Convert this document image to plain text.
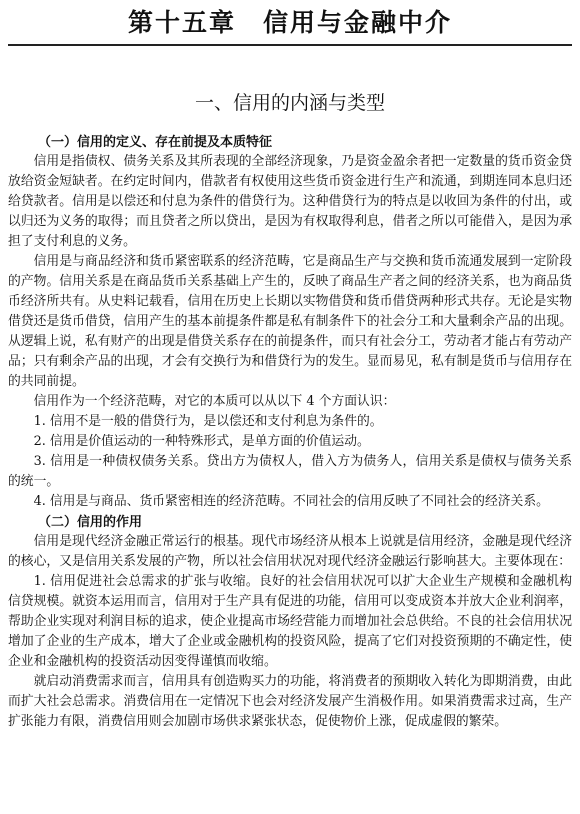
第十五章　信用与金融中介
一、信用的内涵与类型
（一）信用的定义、存在前提及本质特征

信用是指债权、债务关系及其所表现的全部经济现象，乃是资金盈余者把一定数量的货币资金贷放给资金短缺者。在约定时间内，借款者有权使用这些货币资金进行生产和流通，到期连同本息归还给贷款者。信用是以偿还和付息为条件的借贷行为。这种借贷行为的特点是以收回为条件的付出，或以归还为义务的取得；而且贷者之所以贷出，是因为有权取得利息，借者之所以可能借入，是因为承担了支付利息的义务。

信用是与商品经济和货币紧密联系的经济范畴，它是商品生产与交换和货币流通发展到一定阶段的产物。信用关系是在商品货币关系基础上产生的，反映了商品生产者之间的经济关系，也为商品货币经济所共有。从史料记载看，信用在历史上长期以实物借贷和货币借贷两种形式共存。无论是实物借贷还是货币借贷，信用产生的基本前提条件都是私有制条件下的社会分工和大量剩余产品的出现。从逻辑上说，私有财产的出现是借贷关系存在的前提条件，而只有社会分工，劳动者才能占有劳动产品；只有剩余产品的出现，才会有交换行为和借贷行为的发生。显而易见，私有制是货币与信用存在的共同前提。

信用作为一个经济范畴，对它的本质可以从以下 4 个方面认识：

1. 信用不是一般的借贷行为，是以偿还和支付利息为条件的。

2. 信用是价值运动的一种特殊形式，是单方面的价值运动。

3. 信用是一种债权债务关系。贷出方为债权人，借入方为债务人，信用关系是债权与债务关系的统一。

4. 信用是与商品、货币紧密相连的经济范畴。不同社会的信用反映了不同社会的经济关系。

（二）信用的作用

信用是现代经济金融正常运行的根基。现代市场经济从根本上说就是信用经济，金融是现代经济的核心，又是信用关系发展的产物，所以社会信用状况对现代经济金融运行影响甚大。主要体现在：

1. 信用促进社会总需求的扩张与收缩。良好的社会信用状况可以扩大企业生产规模和金融机构信贷规模。就资本运用而言，信用对于生产具有促进的功能，信用可以变成资本并放大企业利润率，帮助企业实现对利润目标的追求，使企业提高市场经营能力而增加社会总供给。不良的社会信用状况增加了企业的生产成本，增大了企业或金融机构的投资风险，提高了它们对投资预期的不确定性，使企业和金融机构的投资活动因变得谨慎而收缩。

就启动消费需求而言，信用具有创造购买力的功能，将消费者的预期收入转化为即期消费，由此而扩大社会总需求。消费信用在一定情况下也会对经济发展产生消极作用。如果消费需求过高，生产扩张能力有限，消费信用则会加剧市场供求紧张状态，促使物价上涨，促成虚假的繁荣。
